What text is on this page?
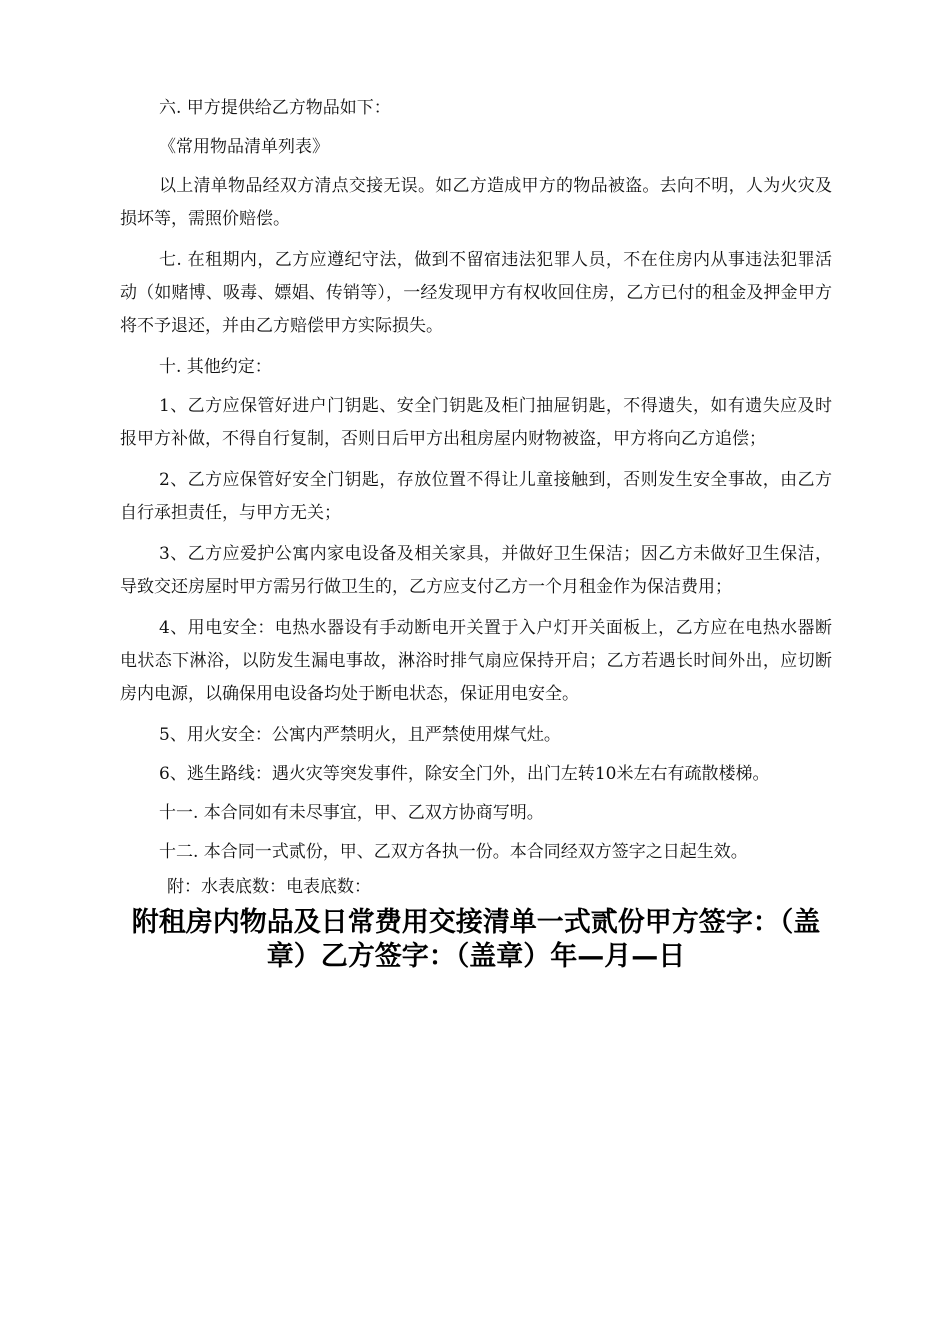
六. 甲方提供给乙方物品如下：

《常用物品清单列表》

以上清单物品经双方清点交接无误。如乙方造成甲方的物品被盗。去向不明，人为火灾及损坏等，需照价赔偿。

七. 在租期内，乙方应遵纪守法，做到不留宿违法犯罪人员，不在住房内从事违法犯罪活动（如赌博、吸毒、嫖娼、传销等），一经发现甲方有权收回住房，乙方已付的租金及押金甲方将不予退还，并由乙方赔偿甲方实际损失。

十. 其他约定：

1、乙方应保管好进户门钥匙、安全门钥匙及柜门抽屉钥匙，不得遗失，如有遗失应及时报甲方补做，不得自行复制，否则日后甲方出租房屋内财物被盗，甲方将向乙方追偿；

2、乙方应保管好安全门钥匙，存放位置不得让儿童接触到，否则发生安全事故，由乙方自行承担责任，与甲方无关；

3、乙方应爱护公寓内家电设备及相关家具，并做好卫生保洁；因乙方未做好卫生保洁，导致交还房屋时甲方需另行做卫生的，乙方应支付乙方一个月租金作为保洁费用；

4、用电安全：电热水器设有手动断电开关置于入户灯开关面板上，乙方应在电热水器断电状态下淋浴，以防发生漏电事故，淋浴时排气扇应保持开启；乙方若遇长时间外出，应切断房内电源，以确保用电设备均处于断电状态，保证用电安全。

5、用火安全：公寓内严禁明火，且严禁使用煤气灶。

6、逃生路线：遇火灾等突发事件，除安全门外，出门左转10米左右有疏散楼梯。

十一. 本合同如有未尽事宜，甲、乙双方协商写明。

十二. 本合同一式贰份，甲、乙双方各执一份。本合同经双方签字之日起生效。

附：水表底数：电表底数：

附租房内物品及日常费用交接清单一式贰份甲方签字：（盖章）乙方签字：（盖章）年—月—日
